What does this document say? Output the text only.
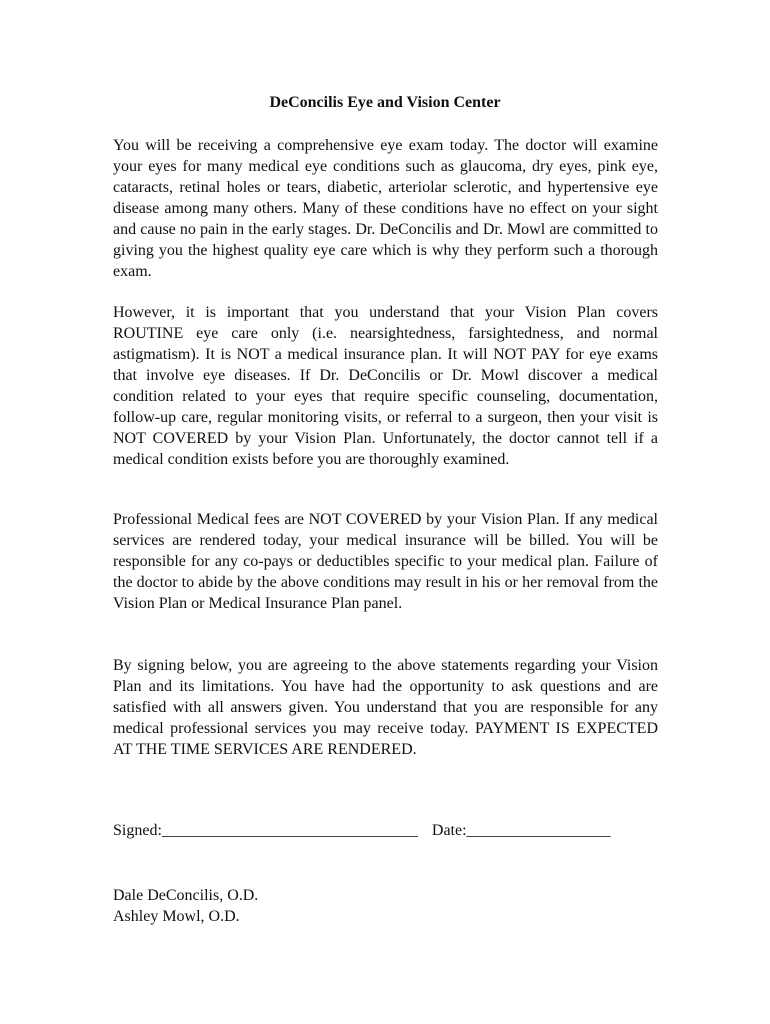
DeConcilis Eye and Vision Center

You will be receiving a comprehensive eye exam today. The doctor will examine your eyes for many medical eye conditions such as glaucoma, dry eyes, pink eye, cataracts, retinal holes or tears, diabetic, arteriolar sclerotic, and hypertensive eye disease among many others. Many of these conditions have no effect on your sight and cause no pain in the early stages. Dr. DeConcilis and Dr. Mowl are committed to giving you the highest quality eye care which is why they perform such a thorough exam.

However, it is important that you understand that your Vision Plan covers ROUTINE eye care only (i.e. nearsightedness, farsightedness, and normal astigmatism). It is NOT a medical insurance plan. It will NOT PAY for eye exams that involve eye diseases. If Dr. DeConcilis or Dr. Mowl discover a medical condition related to your eyes that require specific counseling, documentation, follow-up care, regular monitoring visits, or referral to a surgeon, then your visit is NOT COVERED by your Vision Plan. Unfortunately, the doctor cannot tell if a medical condition exists before you are thoroughly examined.

Professional Medical fees are NOT COVERED by your Vision Plan. If any medical services are rendered today, your medical insurance will be billed. You will be responsible for any co-pays or deductibles specific to your medical plan. Failure of the doctor to abide by the above conditions may result in his or her removal from the Vision Plan or Medical Insurance Plan panel.

By signing below, you are agreeing to the above statements regarding your Vision Plan and its limitations. You have had the opportunity to ask questions and are satisfied with all answers given. You understand that you are responsible for any medical professional services you may receive today. PAYMENT IS EXPECTED AT THE TIME SERVICES ARE RENDERED.

Signed:________________________________ Date:__________________
Dale DeConcilis, O.D.
Ashley Mowl, O.D.
